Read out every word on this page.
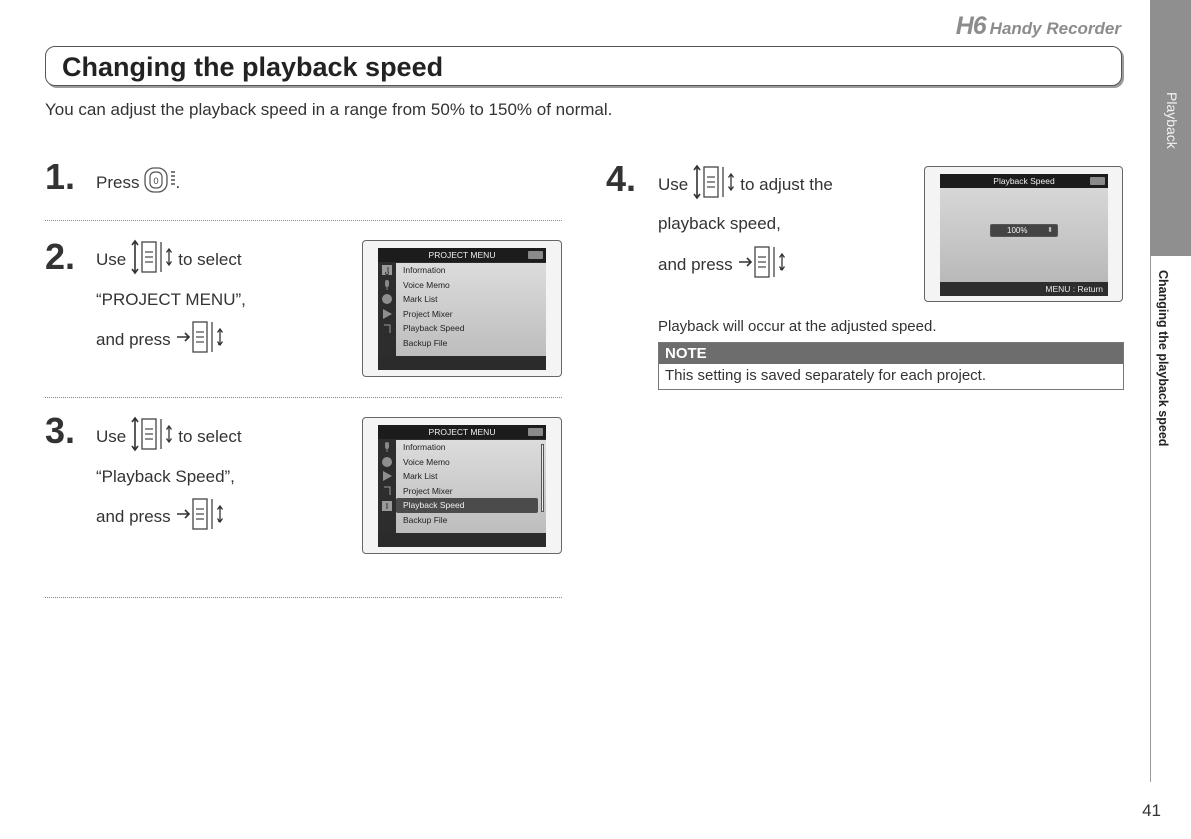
H6 Handy Recorder
Playback
Changing the playback speed
Changing the playback speed
You can adjust the playback speed in a range from 50% to 150% of normal.
1. Press 0 .
2. Use	to select
“PROJECT MENU”,
and press	.
PROJECT MENU
Information
Voice Memo
Mark List
Project Mixer
Playback Speed
Backup File
3. Use	to select
“Playback Speed”,
and press	.
PROJECT MENU
Information
Voice Memo
Mark List
Project Mixer
Playback Speed
Backup File
4. Use	to adjust the
playback speed,
and press	.
Playback Speed
100%	⬍
MENU : Return
Playback will occur at the adjusted speed.
NOTE
This setting is saved separately for each project.
41
